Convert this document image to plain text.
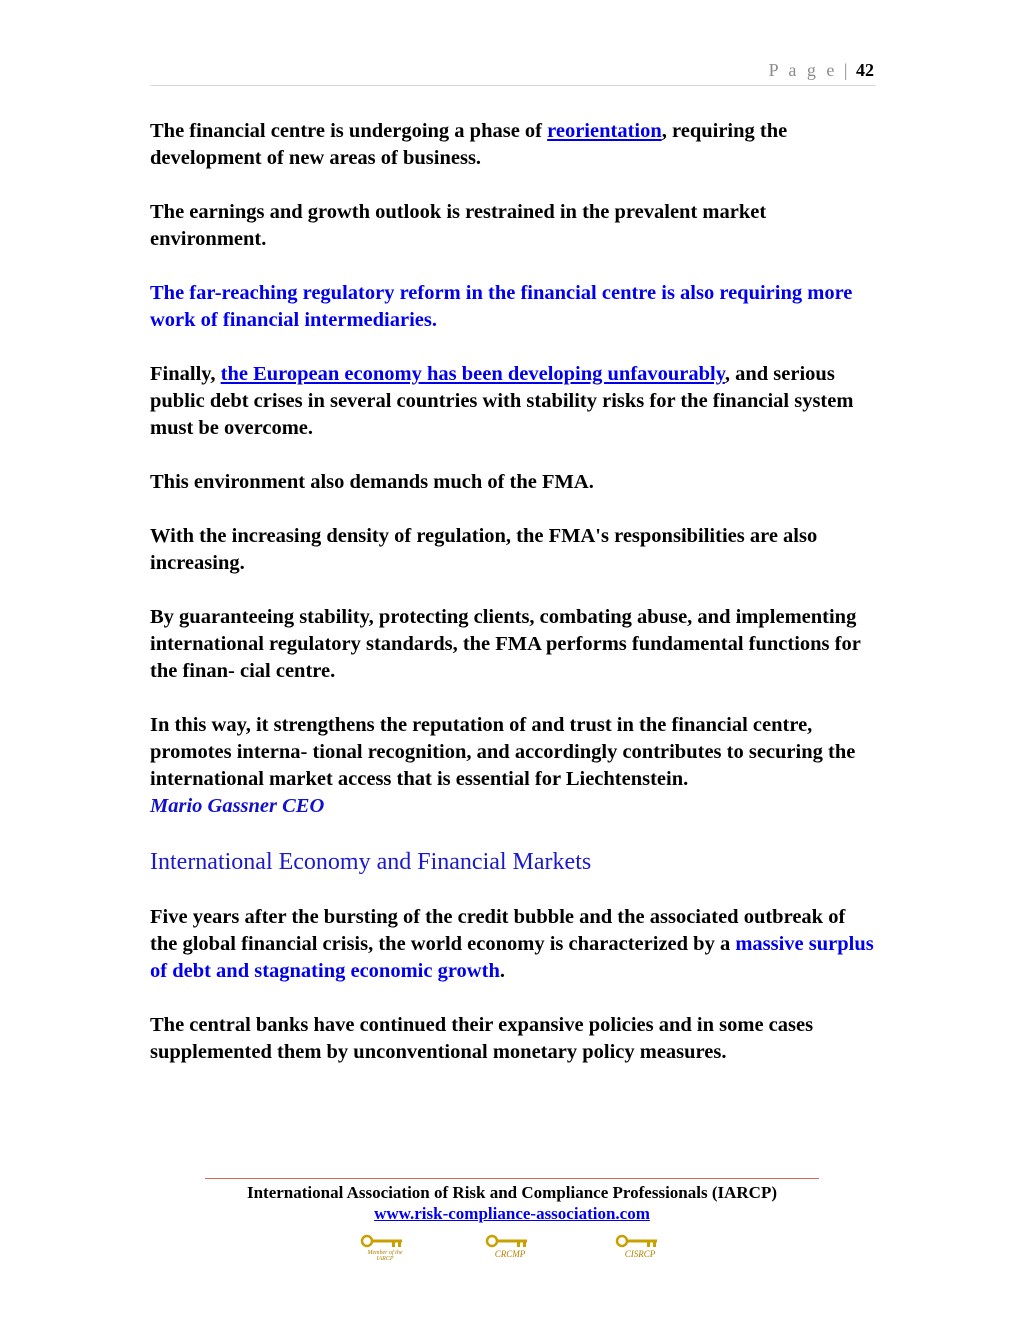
P a g e | 42

The financial centre is undergoing a phase of reorientation, requiring the development of new areas of business.

The earnings and growth outlook is restrained in the prevalent market environment.

The far-reaching regulatory reform in the financial centre is also requiring more work of financial intermediaries.

Finally, the European economy has been developing unfavourably, and serious public debt crises in several countries with stability risks for the financial system must be overcome.

This environment also demands much of the FMA.

With the increasing density of regulation, the FMA's responsibilities are also increasing.

By guaranteeing stability, protecting clients, combating abuse, and implementing international regulatory standards, the FMA performs fundamental functions for the finan- cial centre.

In this way, it strengthens the reputation of and trust in the financial centre, promotes interna- tional recognition, and accordingly contributes to securing the international market access that is essential for Liechtenstein.

Mario Gassner CEO

International Economy and Financial Markets

Five years after the bursting of the credit bubble and the associated outbreak of the global financial crisis, the world economy is characterized by a massive surplus of debt and stagnating economic growth.

The central banks have continued their expansive policies and in some cases supplemented them by unconventional monetary policy measures.

International Association of Risk and Compliance Professionals (IARCP)
www.risk-compliance-association.com
Member of the IARCP	CRCMP	CISRCP
